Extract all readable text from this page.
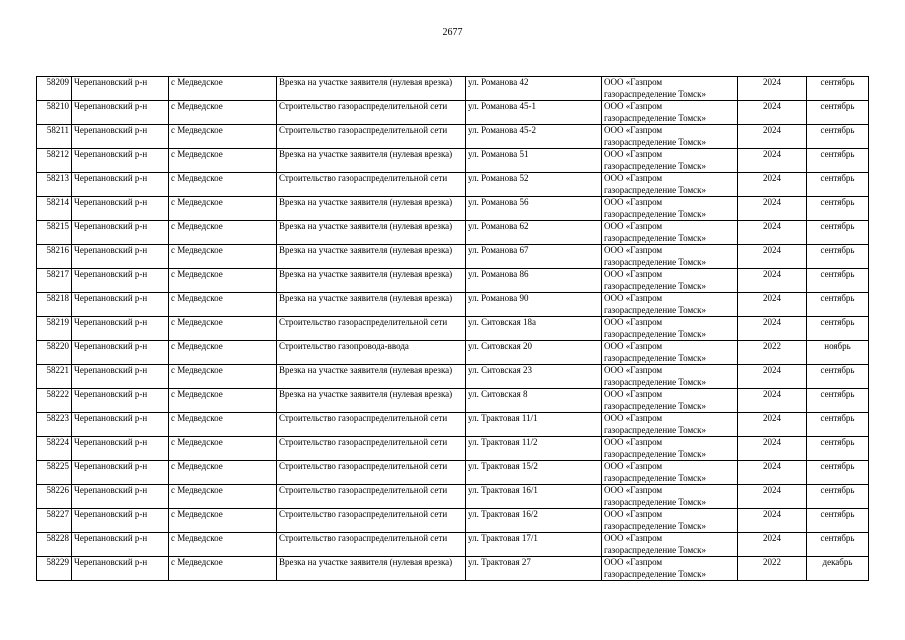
2677
58209	Черепановский р-н	с Медведское	Врезка на участке заявителя (нулевая врезка)	ул. Романова 42	ООО «Газпром
газораспределение Томск»	2024	сентябрь
58210	Черепановский р-н	с Медведское	Строительство газораспределительной сети	ул. Романова 45-1	ООО «Газпром
газораспределение Томск»	2024	сентябрь
58211	Черепановский р-н	с Медведское	Строительство газораспределительной сети	ул. Романова 45-2	ООО «Газпром
газораспределение Томск»	2024	сентябрь
58212	Черепановский р-н	с Медведское	Врезка на участке заявителя (нулевая врезка)	ул. Романова 51	ООО «Газпром
газораспределение Томск»	2024	сентябрь
58213	Черепановский р-н	с Медведское	Строительство газораспределительной сети	ул. Романова 52	ООО «Газпром
газораспределение Томск»	2024	сентябрь
58214	Черепановский р-н	с Медведское	Врезка на участке заявителя (нулевая врезка)	ул. Романова 56	ООО «Газпром
газораспределение Томск»	2024	сентябрь
58215	Черепановский р-н	с Медведское	Врезка на участке заявителя (нулевая врезка)	ул. Романова 62	ООО «Газпром
газораспределение Томск»	2024	сентябрь
58216	Черепановский р-н	с Медведское	Врезка на участке заявителя (нулевая врезка)	ул. Романова 67	ООО «Газпром
газораспределение Томск»	2024	сентябрь
58217	Черепановский р-н	с Медведское	Врезка на участке заявителя (нулевая врезка)	ул. Романова 86	ООО «Газпром
газораспределение Томск»	2024	сентябрь
58218	Черепановский р-н	с Медведское	Врезка на участке заявителя (нулевая врезка)	ул. Романова 90	ООО «Газпром
газораспределение Томск»	2024	сентябрь
58219	Черепановский р-н	с Медведское	Строительство газораспределительной сети	ул. Ситовская 18а	ООО «Газпром
газораспределение Томск»	2024	сентябрь
58220	Черепановский р-н	с Медведское	Строительство газопровода-ввода	ул. Ситовская 20	ООО «Газпром
газораспределение Томск»	2022	ноябрь
58221	Черепановский р-н	с Медведское	Врезка на участке заявителя (нулевая врезка)	ул. Ситовская 23	ООО «Газпром
газораспределение Томск»	2024	сентябрь
58222	Черепановский р-н	с Медведское	Врезка на участке заявителя (нулевая врезка)	ул. Ситовская 8	ООО «Газпром
газораспределение Томск»	2024	сентябрь
58223	Черепановский р-н	с Медведское	Строительство газораспределительной сети	ул. Трактовая 11/1	ООО «Газпром
газораспределение Томск»	2024	сентябрь
58224	Черепановский р-н	с Медведское	Строительство газораспределительной сети	ул. Трактовая 11/2	ООО «Газпром
газораспределение Томск»	2024	сентябрь
58225	Черепановский р-н	с Медведское	Строительство газораспределительной сети	ул. Трактовая 15/2	ООО «Газпром
газораспределение Томск»	2024	сентябрь
58226	Черепановский р-н	с Медведское	Строительство газораспределительной сети	ул. Трактовая 16/1	ООО «Газпром
газораспределение Томск»	2024	сентябрь
58227	Черепановский р-н	с Медведское	Строительство газораспределительной сети	ул. Трактовая 16/2	ООО «Газпром
газораспределение Томск»	2024	сентябрь
58228	Черепановский р-н	с Медведское	Строительство газораспределительной сети	ул. Трактовая 17/1	ООО «Газпром
газораспределение Томск»	2024	сентябрь
58229	Черепановский р-н	с Медведское	Врезка на участке заявителя (нулевая врезка)	ул. Трактовая 27	ООО «Газпром
газораспределение Томск»	2022	декабрь
